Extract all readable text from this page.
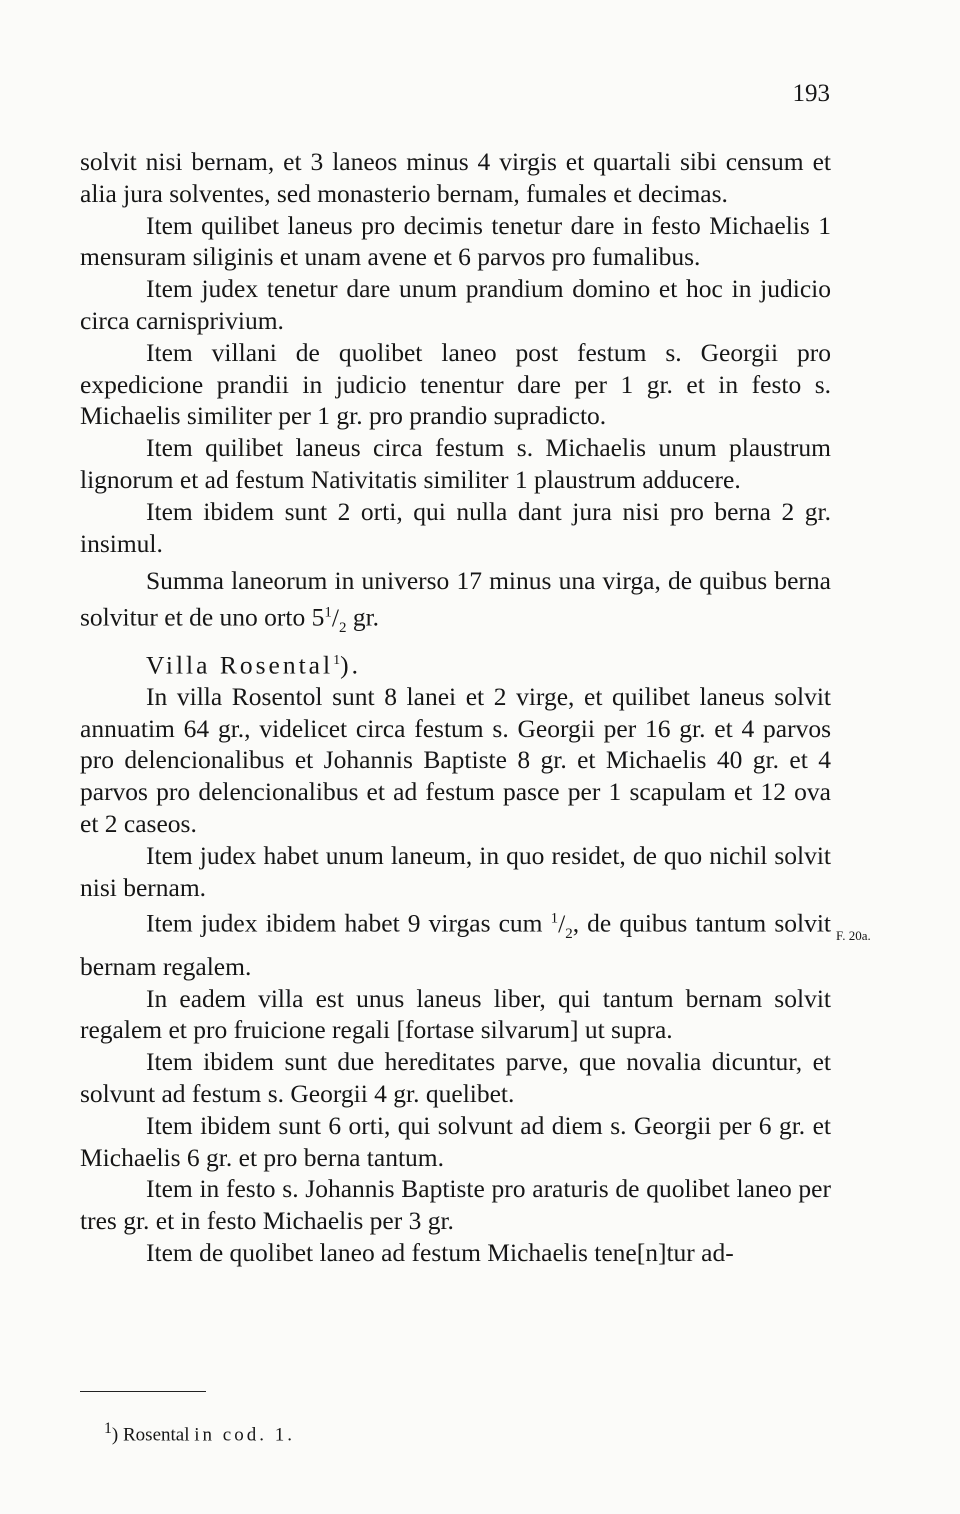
193

solvit nisi bernam, et 3 laneos minus 4 virgis et quartali sibi censum et alia jura solventes, sed monasterio bernam, fumales et decimas.

Item quilibet laneus pro decimis tenetur dare in festo Michaelis 1 mensuram siliginis et unam avene et 6 parvos pro fumalibus.

Item judex tenetur dare unum prandium domino et hoc in judicio circa carnisprivium.

Item villani de quolibet laneo post festum s. Georgii pro expedicione prandii in judicio tenentur dare per 1 gr. et in festo s. Michaelis similiter per 1 gr. pro prandio supradicto.

Item quilibet laneus circa festum s. Michaelis unum plaustrum lignorum et ad festum Nativitatis similiter 1 plaustrum adducere.

Item ibidem sunt 2 orti, qui nulla dant jura nisi pro berna 2 gr. insimul.

Summa laneorum in universo 17 minus una virga, de quibus berna solvitur et de uno orto $5^1/_2$ gr.

Villa Rosental$^1$).

In villa Rosentol sunt 8 lanei et 2 virge, et quilibet laneus solvit annuatim 64 gr., videlicet circa festum s. Georgii per 16 gr. et 4 parvos pro delencionalibus et Johannis Baptiste 8 gr. et Michaelis 40 gr. et 4 parvos pro delencionalibus et ad festum pasce per 1 scapulam et 12 ova et 2 caseos.

Item judex habet unum laneum, in quo residet, de quo nichil solvit nisi bernam.

Item judex ibidem habet 9 virgas cum $^1/_2$, de quibus tantum solvit bernam regalem.

In eadem villa est unus laneus liber, qui tantum bernam solvit regalem et pro fruicione regali [fortase silvarum] ut supra.

Item ibidem sunt due hereditates parve, que novalia dicuntur, et solvunt ad festum s. Georgii 4 gr. quelibet.

Item ibidem sunt 6 orti, qui solvunt ad diem s. Georgii per 6 gr. et Michaelis 6 gr. et pro berna tantum.

Item in festo s. Johannis Baptiste pro araturis de quolibet laneo per tres gr. et in festo Michaelis per 3 gr.

Item de quolibet laneo ad festum Michaelis tene[n]tur ad-

F. 20a.
$^1$) Rosental in cod. 1.
